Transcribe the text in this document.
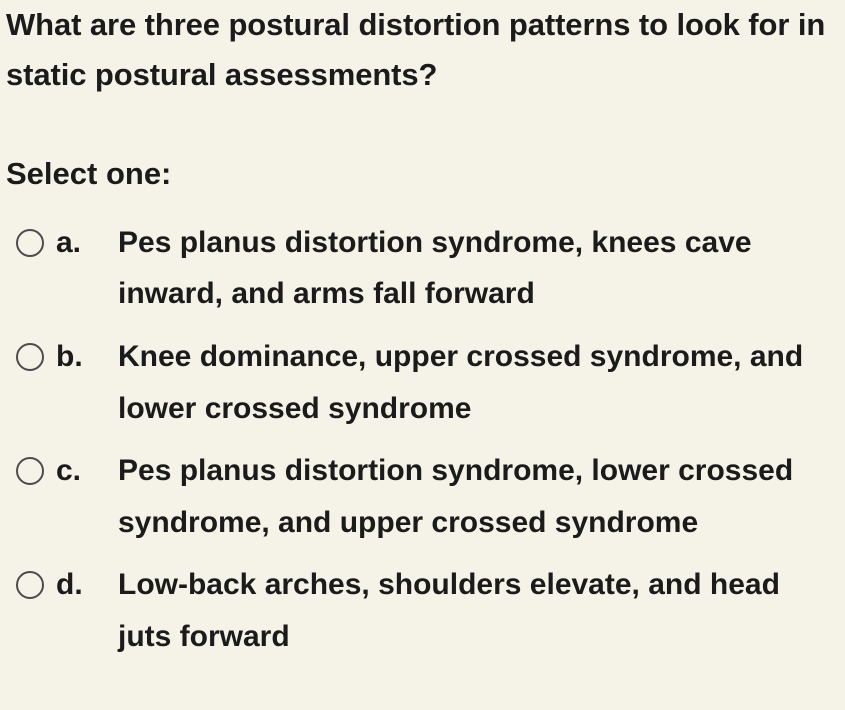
What are three postural distortion patterns to look for in static postural assessments?
Select one:
a.	Pes planus distortion syndrome, knees cave inward, and arms fall forward
b.	Knee dominance, upper crossed syndrome, and lower crossed syndrome
c.	Pes planus distortion syndrome, lower crossed syndrome, and upper crossed syndrome
d.	Low-back arches, shoulders elevate, and head juts forward
